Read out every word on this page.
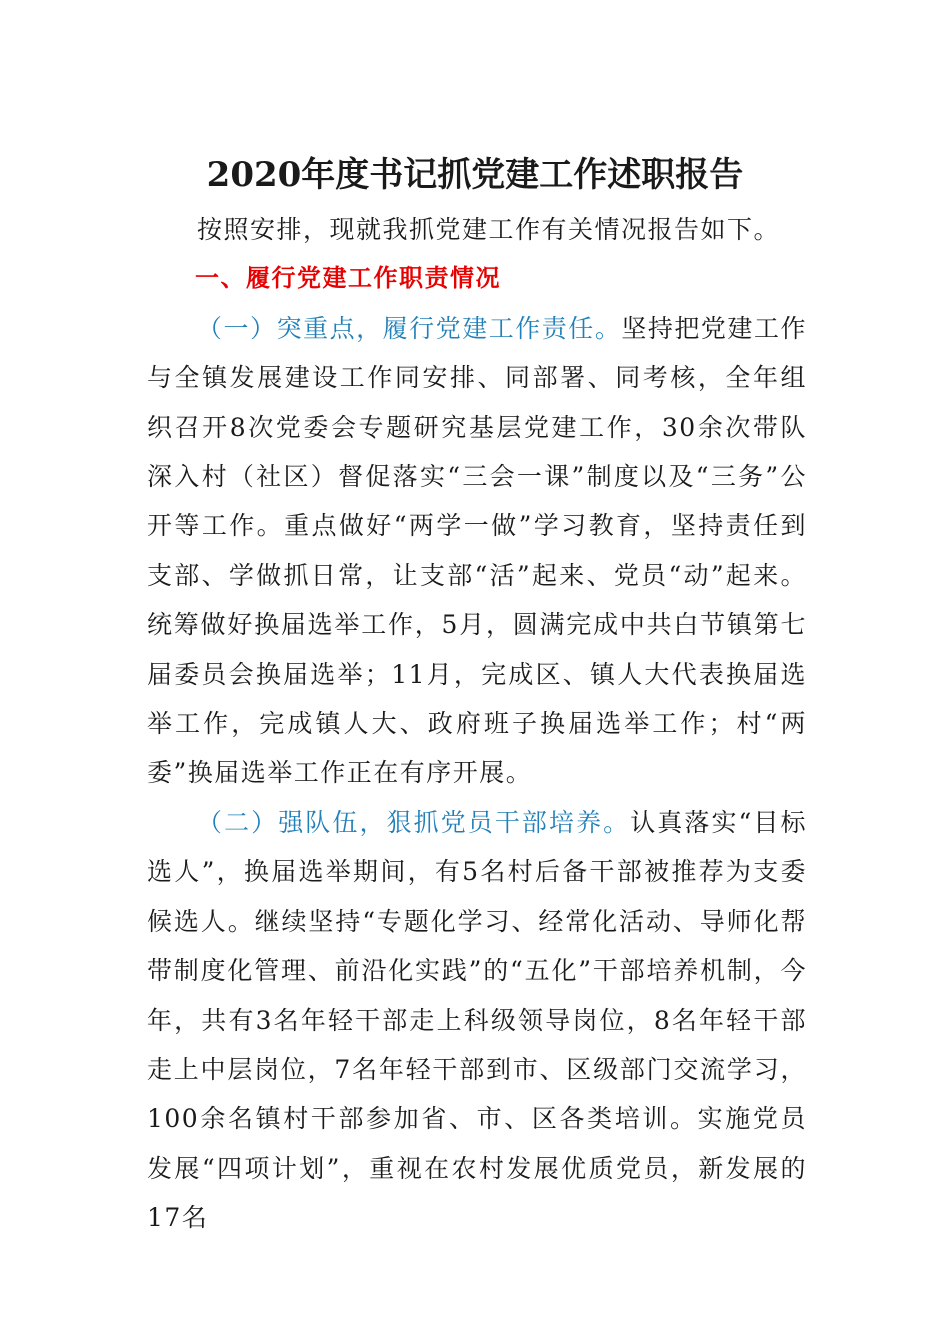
2020年度书记抓党建工作述职报告

按照安排，现就我抓党建工作有关情况报告如下。

一、履行党建工作职责情况

（一）突重点，履行党建工作责任。坚持把党建工作与全镇发展建设工作同安排、同部署、同考核，全年组织召开8次党委会专题研究基层党建工作，30余次带队深入村（社区）督促落实“三会一课”制度以及“三务”公开等工作。重点做好“两学一做”学习教育，坚持责任到支部、学做抓日常，让支部“活”起来、党员“动”起来。统筹做好换届选举工作，5月，圆满完成中共白节镇第七届委员会换届选举；11月，完成区、镇人大代表换届选举工作，完成镇人大、政府班子换届选举工作；村“两委”换届选举工作正在有序开展。

（二）强队伍，狠抓党员干部培养。认真落实“目标选人”，换届选举期间，有5名村后备干部被推荐为支委候选人。继续坚持“专题化学习、经常化活动、导师化帮带制度化管理、前沿化实践”的“五化”干部培养机制，今年，共有3名年轻干部走上科级领导岗位，8名年轻干部走上中层岗位，7名年轻干部到市、区级部门交流学习，100余名镇村干部参加省、市、区各类培训。实施党员发展“四项计划”，重视在农村发展优质党员，新发展的17名
